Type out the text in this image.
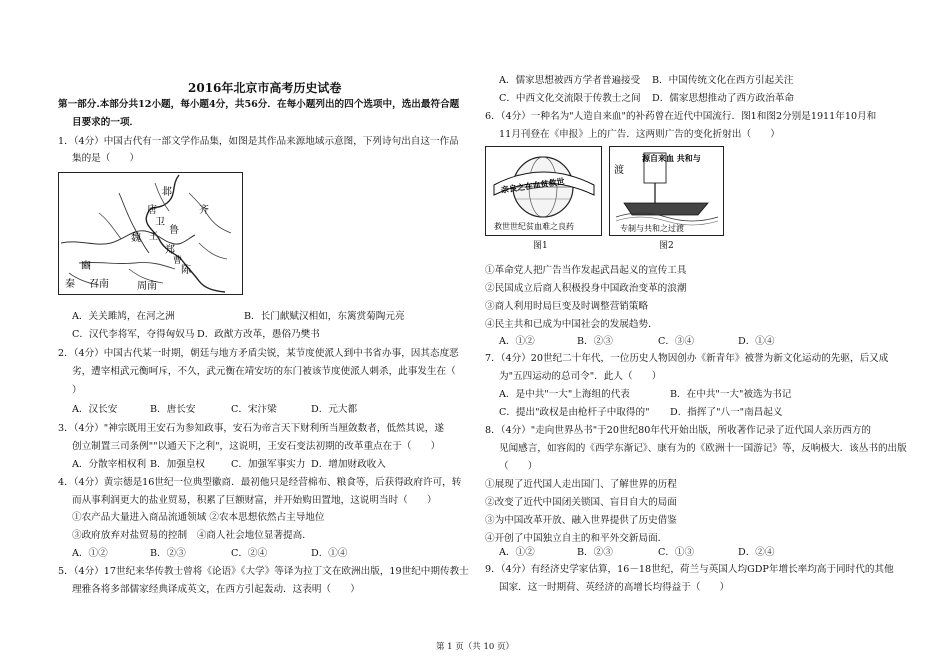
2016年北京市高考历史试卷
第一部分.本部分共12小题，每小题4分，共56分．在每小题列出的四个选项中，选出最符合题
目要求的一项．
1．（4分）中国古代有一部文学作品集，如图是其作品来源地域示意图，下列诗句出自这一作品
集的是（　　）
邶
齐
唐
卫
魏 王
鲁
郑
豳
秦 召南	周南
陈
曹
A．关关雎鸠，在河之洲	B．长门献赋汉相如，东篱赏菊陶元亮
C．汉代李将军，夺得匈奴马 D．政猷方改革，愚俗乃樊书
2．（4分）中国古代某一时期，朝廷与地方矛盾尖锐，某节度使派人到中书省办事，因其态度恶
劣，遭宰相武元衡呵斥，不久，武元衡在靖安坊的东门被该节度使派人刺杀，此事发生在（
）
A．汉长安	B．唐长安	C．宋汴梁	D．元大都
3．（4分）"神宗既用王安石为参知政事，安石为帝言天下财利所当厘敛数者，低然其说，遂
创立制置三司条例""以通天下之利"，这说明，王安石变法初期的改革重点在于（　　）
A．分散宰相权利 B．加强皇权	C．加强军事实力 D．增加财政收入
4．（4分）黄宗德是16世纪一位典型徽商．最初他只是经营棉布、粮食等，后获得政府许可，转
而从事利润更大的盐业贸易，积累了巨额财富，并开始购田置地，这说明当时（　　）
①农产品大量进入商品流通领域 ②农本思想依然占主导地位
③政府放弃对盐贸易的控制　④商人社会地位显著提高．
A．①②	B．②③	C．②④	D．①④
5．（4分）17世纪来华传教士曾将《论语》《大学》等译为拉丁文在欧洲出版，19世纪中期传教士
理雅各将多部儒家经典译成英文，在西方引起轰动．这表明（　　）
A．儒家思想被西方学者普遍接受 B．中国传统文化在西方引起关注
C．中西文化交流限于传教士之间 D．儒家思想推动了西方政治革命
6．（4分）一种名为"人造自来血"的补药曾在近代中国流行．图1和图2分别是1911年10月和
11月刊登在《申报》上的广告．这两则广告的变化折射出（　　）
亲良之在血贫救世
救世世纪贫血难之良药
图1
渡
源自来血 共和与
专制与共和之过渡
图2
①革命党人把广告当作发起武昌起义的宣传工具
②民国成立后商人积极投身中国政治变革的浪潮
③商人利用时局巨变及时调整营销策略
④民主共和已成为中国社会的发展趋势．
A．①②	B．②③	C．③④	D．①④
7．（4分）20世纪二十年代，一位历史人物因创办《新青年》被誉为新文化运动的先驱，后又成
为"五四运动的总司令"．此人（　　）
A．是中共"一大"上海组的代表	B．在中共"一大"被选为书记
C．提出"政权是由枪杆子中取得的" D．指挥了"八一"南昌起义
8．（4分）"走向世界丛书"于20世纪80年代开始出版，所收著作记录了近代国人亲历西方的
见闻感言，如容闳的《西学东渐记》、康有为的《欧洲十一国游记》等，反响极大．该丛书的出版
（　　）
①展现了近代国人走出国门、了解世界的历程
②改变了近代中国闭关锁国、盲目自大的局面
③为中国改革开放、融入世界提供了历史借鉴
④开创了中国独立自主的和平外交新局面．
A．①②	B．②③	C．①③	D．②④
9．（4分）有经济史学家估算，16－18世纪，荷兰与英国人均GDP年增长率均高于同时代的其他
国家．这一时期荷、英经济的高增长均得益于（　　）
第 1 页（共 10 页）
